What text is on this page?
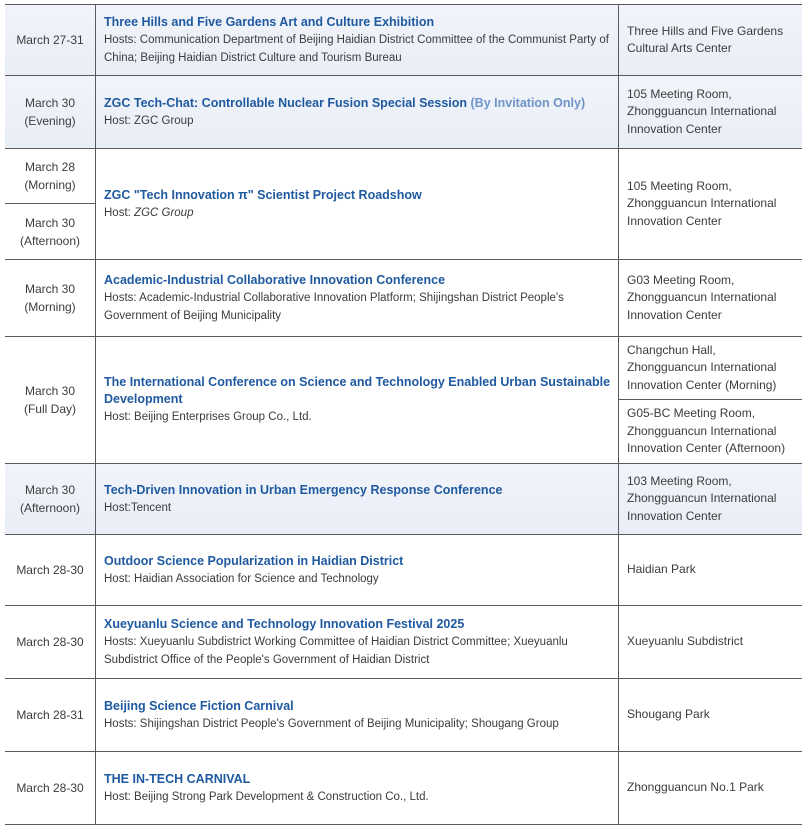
March 27-31
Three Hills and Five Gardens Art and Culture Exhibition
Hosts: Communication Department of Beijing Haidian District Committee of the Communist Party of China; Beijing Haidian District Culture and Tourism Bureau
Three Hills and Five Gardens Cultural Arts Center
March 30 (Evening)
ZGC Tech-Chat: Controllable Nuclear Fusion Special Session (By Invitation Only)
Host: ZGC Group
105 Meeting Room, Zhongguancun International Innovation Center
March 28 (Morning)
March 30 (Afternoon)
ZGC "Tech Innovation π" Scientist Project Roadshow
Host: ZGC Group
105 Meeting Room, Zhongguancun International Innovation Center
March 30 (Morning)
Academic-Industrial Collaborative Innovation Conference
Hosts: Academic-Industrial Collaborative Innovation Platform; Shijingshan District People's Government of Beijing Municipality
G03 Meeting Room, Zhongguancun International Innovation Center
March 30 (Full Day)
The International Conference on Science and Technology Enabled Urban Sustainable Development
Host: Beijing Enterprises Group Co., Ltd.
Changchun Hall, Zhongguancun International Innovation Center (Morning)
G05-BC Meeting Room, Zhongguancun International Innovation Center (Afternoon)
March 30 (Afternoon)
Tech-Driven Innovation in Urban Emergency Response Conference
Host:Tencent
103 Meeting Room, Zhongguancun International Innovation Center
March 28-30
Outdoor Science Popularization in Haidian District
Host: Haidian Association for Science and Technology
Haidian Park
March 28-30
Xueyuanlu Science and Technology Innovation Festival 2025
Hosts: Xueyuanlu Subdistrict Working Committee of Haidian District Committee; Xueyuanlu Subdistrict Office of the People's Government of Haidian District
Xueyuanlu Subdistrict
March 28-31
Beijing Science Fiction Carnival
Hosts: Shijingshan District People's Government of Beijing Municipality; Shougang Group
Shougang Park
March 28-30
THE IN-TECH CARNIVAL
Host: Beijing Strong Park Development & Construction Co., Ltd.
Zhongguancun No.1 Park
